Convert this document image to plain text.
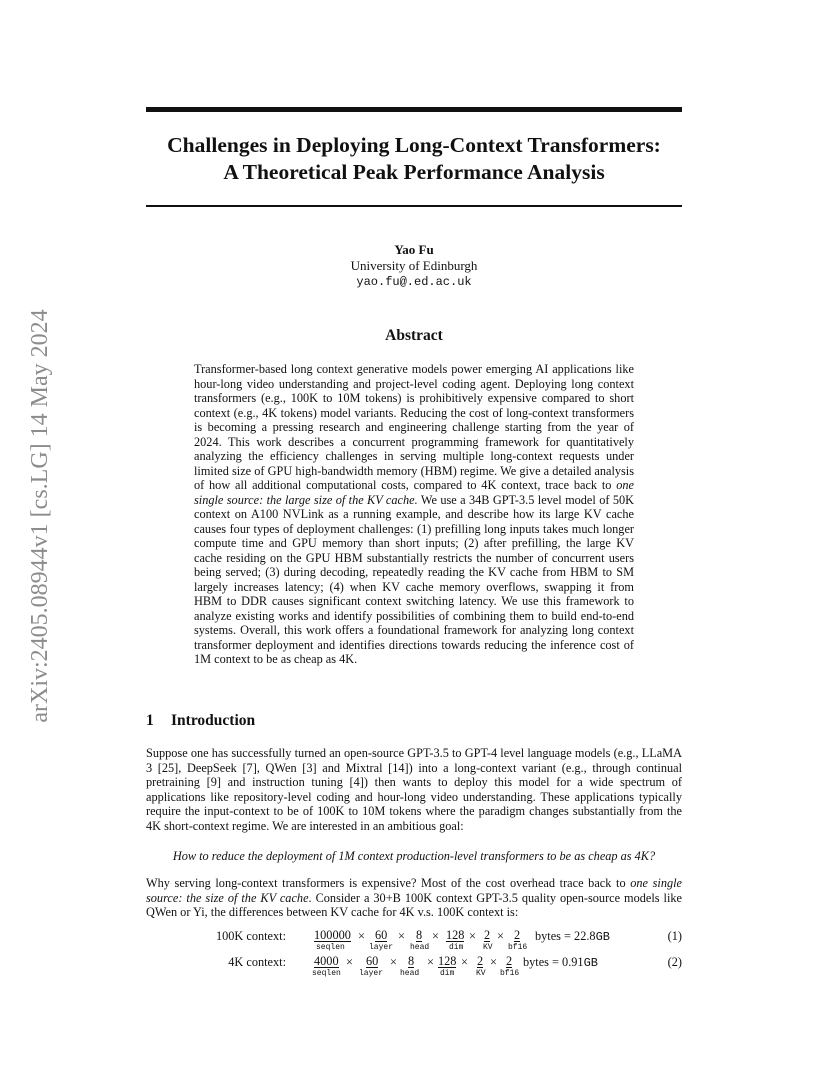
arXiv:2405.08944v1 [cs.LG] 14 May 2024
Challenges in Deploying Long-Context Transformers:
A Theoretical Peak Performance Analysis
Yao Fu
University of Edinburgh
yao.fu@.ed.ac.uk
Abstract
Transformer-based long context generative models power emerging AI applications like hour-long video understanding and project-level coding agent. Deploying long context transformers (e.g., 100K to 10M tokens) is prohibitively expensive compared to short context (e.g., 4K tokens) model variants. Reducing the cost of long-context transformers is becoming a pressing research and engineering challenge starting from the year of 2024. This work describes a concurrent programming framework for quantitatively analyzing the efficiency challenges in serving multiple long-context requests under limited size of GPU high-bandwidth memory (HBM) regime. We give a detailed analysis of how all additional computational costs, compared to 4K context, trace back to one single source: the large size of the KV cache. We use a 34B GPT-3.5 level model of 50K context on A100 NVLink as a running example, and describe how its large KV cache causes four types of deployment challenges: (1) prefilling long inputs takes much longer compute time and GPU memory than short inputs; (2) after prefilling, the large KV cache residing on the GPU HBM substantially restricts the number of concurrent users being served; (3) during decoding, repeatedly reading the KV cache from HBM to SM largely increases latency; (4) when KV cache memory overflows, swapping it from HBM to DDR causes significant context switching latency. We use this framework to analyze existing works and identify possibilities of combining them to build end-to-end systems. Overall, this work offers a foundational framework for analyzing long context transformer deployment and identifies directions towards reducing the inference cost of 1M context to be as cheap as 4K.
1 Introduction
Suppose one has successfully turned an open-source GPT-3.5 to GPT-4 level language models (e.g., LLaMA 3 [25], DeepSeek [7], QWen [3] and Mixtral [14]) into a long-context variant (e.g., through continual pretraining [9] and instruction tuning [4]) then wants to deploy this model for a wide spectrum of applications like repository-level coding and hour-long video understanding. These applications typically require the input-context to be of 100K to 10M tokens where the paradigm changes substantially from the 4K short-context regime. We are interested in an ambitious goal:
How to reduce the deployment of 1M context production-level transformers to be as cheap as 4K?
Why serving long-context transformers is expensive? Most of the cost overhead trace back to one single source: the size of the KV cache. Consider a 30+B 100K context GPT-3.5 quality open-source models like QWen or Yi, the differences between KV cache for 4K v.s. 100K context is:
100K context: 100000 × 60 × 8 × 128 × 2 × 2 bytes = 22.8GB	(1)
seqlen	layer head dim KV bf16
4K context: 4000 × 60 × 8 × 128 × 2 × 2 bytes = 0.91GB	(2)
seqlen layer head	dim	KV bf16
